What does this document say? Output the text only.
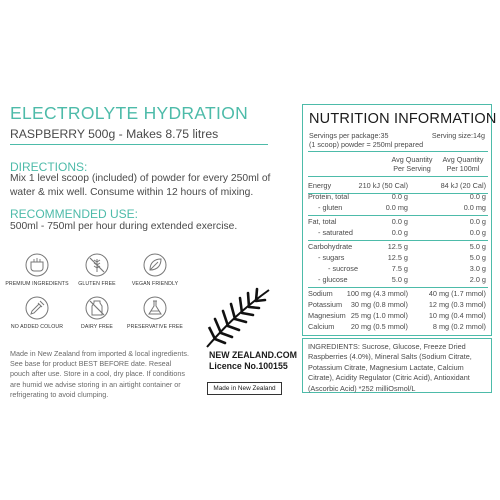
ELECTROLYTE HYDRATION
RASPBERRY 500g - Makes 8.75 litres
DIRECTIONS:
Mix 1 level scoop (included) of powder for every 250ml of water & mix well. Consume within 12 hours of mixing.
RECOMMENDED USE:
500ml - 750ml per hour during extended exercise.
PREMIUM INGREDIENTS	GLUTEN FREE	VEGAN FRIENDLY
NO ADDED COLOUR	DAIRY FREE	PRESERVATIVE FREE
Made in New Zealand from imported & local ingredients. See base for product BEST BEFORE date. Reseal pouch after use. Store in a cool, dry place. If conditions are humid we advise storing in an airtight container or refrigerating to avoid clumping.
NEW ZEALAND.COM
Licence No.100155
Made in New Zealand
NUTRITION INFORMATION
Servings per package:35	Serving size:14g
(1 scoop) powder = 250ml prepared
Avg Quantity
Per Serving
Avg Quantity
Per 100ml
Energy	210 kJ (50 Cal)	84 kJ (20 Cal)
Protein, total	0.0 g	0.0 g
- gluten	0.0 mg	0.0 mg
Fat, total	0.0 g	0.0 g
- saturated	0.0 g	0.0 g
Carbohydrate	12.5 g	5.0 g
- sugars	12.5 g	5.0 g
- sucrose	7.5 g	3.0 g
- glucose	5.0 g	2.0 g
Sodium 100 mg (4.3 mmol)	40 mg (1.7 mmol)
Potassium 30 mg (0.8 mmol)	12 mg (0.3 mmol)
Magnesium 25 mg (1.0 mmol)	10 mg (0.4 mmol)
Calcium 20 mg (0.5 mmol)	8 mg (0.2 mmol)
INGREDIENTS: Sucrose, Glucose, Freeze Dried Raspberries (4.0%), Mineral Salts (Sodium Citrate, Potassium Citrate, Magnesium Lactate, Calcium Citrate), Acidity Regulator (Citric Acid), Antioxidant (Ascorbic Acid) *252 milliOsmol/L
